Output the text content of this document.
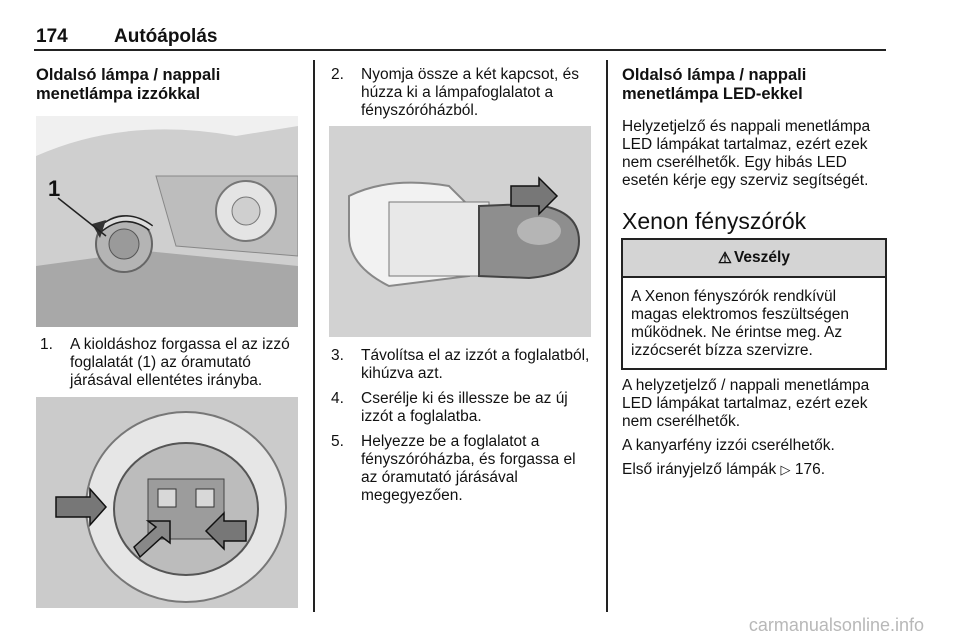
174 Autóápolás
Oldalsó lámpa / nappali menetlámpa izzókkal
1
1. A kioldáshoz forgassa el az izzó foglalatát (1) az óramutató járásával ellentétes irányba.
2. Nyomja össze a két kapcsot, és húzza ki a lámpafoglalatot a fényszóróházból.
3. Távolítsa el az izzót a foglalatból, kihúzva azt.
4. Cserélje ki és illessze be az új izzót a foglalatba.
5. Helyezze be a foglalatot a fényszóróházba, és forgassa el az óramutató járásával megegyezően.
Oldalsó lámpa / nappali menetlámpa LED-ekkel

Helyzetjelző és nappali menetlámpa LED lámpákat tartalmaz, ezért ezek nem cserélhetők. Egy hibás LED esetén kérje egy szerviz segítségét.

Xenon fényszórók
⚠ Veszély
A Xenon fényszórók rendkívül magas elektromos feszültségen működnek. Ne érintse meg. Az izzócserét bízza szervizre.

A helyzetjelző / nappali menetlámpa LED lámpákat tartalmaz, ezért ezek nem cserélhetők.

A kanyarfény izzói cserélhetők.

Első irányjelző lámpák ▷ 176.

carmanualsonline.info
